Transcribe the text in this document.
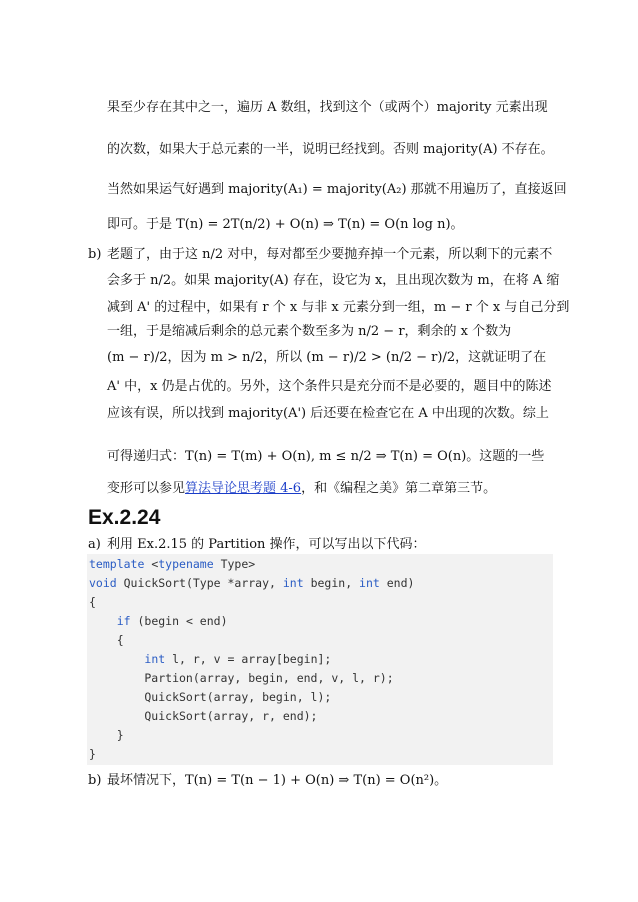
果至少存在其中之一，遍历 A 数组，找到这个（或两个）majority 元素出现
的次数，如果大于总元素的一半，说明已经找到。否则 majority(A) 不存在。
当然如果运气好遇到 majority(A₁) = majority(A₂) 那就不用遍历了，直接返回
即可。于是 T(n) = 2T(n/2) + O(n) ⇒ T(n) = O(n log n)。
b) 老题了，由于这 n/2 对中，每对都至少要抛弃掉一个元素，所以剩下的元素不
会多于 n/2。如果 majority(A) 存在，设它为 x，且出现次数为 m，在将 A 缩
减到 A' 的过程中，如果有 r 个 x 与非 x 元素分到一组，m − r 个 x 与自己分到
一组，于是缩减后剩余的总元素个数至多为 n/2 − r，剩余的 x 个数为
(m − r)/2，因为 m > n/2，所以 (m − r)/2 > (n/2 − r)/2，这就证明了在
A' 中，x 仍是占优的。另外，这个条件只是充分而不是必要的，题目中的陈述
应该有误，所以找到 majority(A') 后还要在检查它在 A 中出现的次数。综上
可得递归式：T(n) = T(m) + O(n), m ≤ n/2 ⇒ T(n) = O(n)。这题的一些
变形可以参见算法导论思考题 4-6，和《编程之美》第二章第三节。
Ex.2.24
a) 利用 Ex.2.15 的 Partition 操作，可以写出以下代码：
template <typename Type>
void QuickSort(Type *array, int begin, int end)
{
if (begin < end)
{
int l, r, v = array[begin];
Partion(array, begin, end, v, l, r);
QuickSort(array, begin, l);
QuickSort(array, r, end);
}
}
b) 最坏情况下，T(n) = T(n − 1) + O(n) ⇒ T(n) = O(n²)。
